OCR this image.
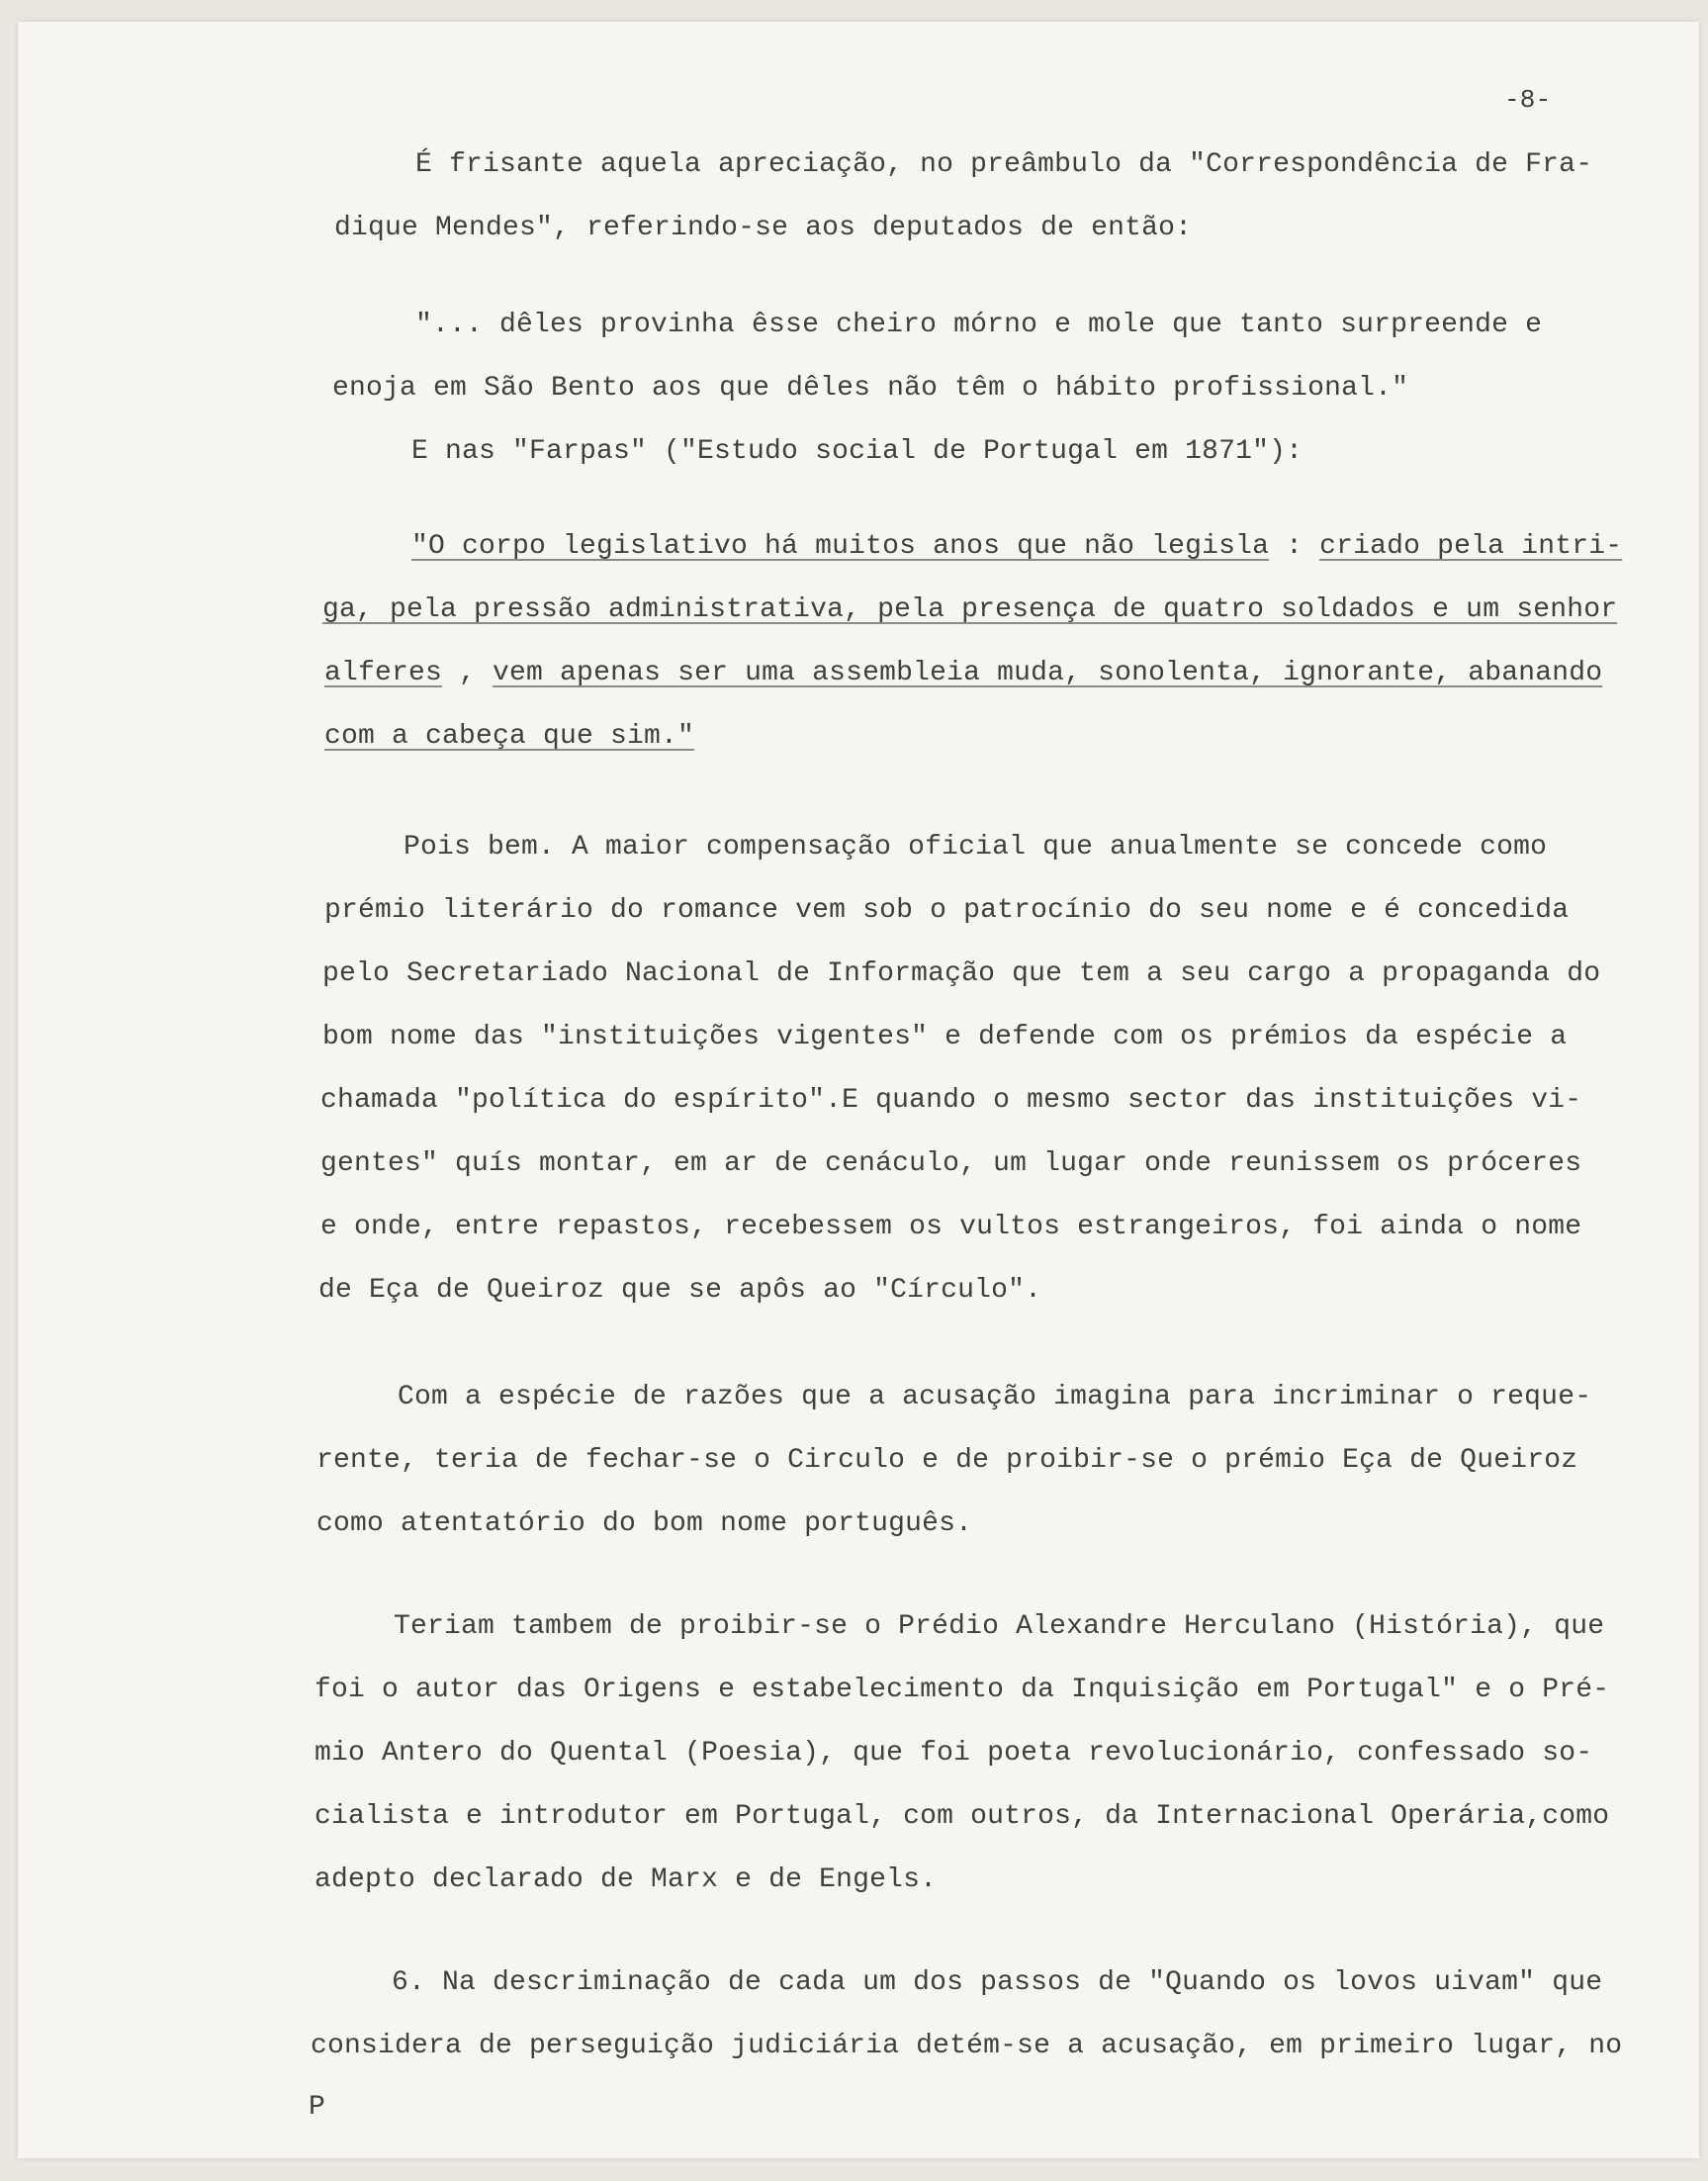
-8-
É frisante aquela apreciação, no preâmbulo da "Correspondência de Fra-
dique Mendes", referindo-se aos deputados de então:
"... dêles provinha êsse cheiro mórno e mole que tanto surpreende e
enoja em São Bento aos que dêles não têm o hábito profissional."
E nas "Farpas" ("Estudo social de Portugal em 1871"):
"O corpo legislativo há muitos anos que não legisla : criado pela intri-
ga, pela pressão administrativa, pela presença de quatro soldados e um senhor
alferes , vem apenas ser uma assembleia muda, sonolenta, ignorante, abanando
com a cabeça que sim."
Pois bem. A maior compensação oficial que anualmente se concede como
prémio literário do romance vem sob o patrocínio do seu nome e é concedida
pelo Secretariado Nacional de Informação que tem a seu cargo a propaganda do
bom nome das "instituições vigentes" e defende com os prémios da espécie a
chamada "política do espírito".E quando o mesmo sector das instituições vi-
gentes" quís montar, em ar de cenáculo, um lugar onde reunissem os próceres
e onde, entre repastos, recebessem os vultos estrangeiros, foi ainda o nome
de Eça de Queiroz que se apôs ao "Círculo".
Com a espécie de razões que a acusação imagina para incriminar o reque-
rente, teria de fechar-se o Circulo e de proibir-se o prémio Eça de Queiroz
como atentatório do bom nome português.
Teriam tambem de proibir-se o Prédio Alexandre Herculano (História), que
foi o autor das Origens e estabelecimento da Inquisição em Portugal" e o Pré-
mio Antero do Quental (Poesia), que foi poeta revolucionário, confessado so-
cialista e introdutor em Portugal, com outros, da Internacional Operária,como
adepto declarado de Marx e de Engels.
6. Na descriminação de cada um dos passos de "Quando os lovos uivam" que
considera de perseguição judiciária detém-se a acusação, em primeiro lugar, no
P
